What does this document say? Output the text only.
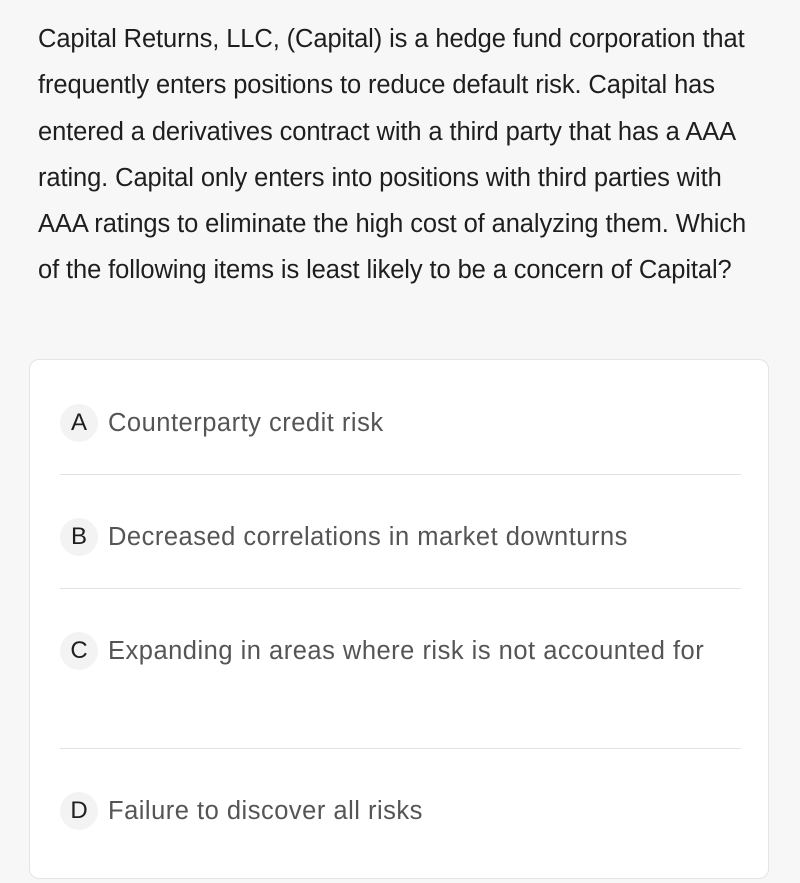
Capital Returns, LLC, (Capital) is a hedge fund corporation that frequently enters positions to reduce default risk. Capital has entered a derivatives contract with a third party that has a AAA rating. Capital only enters into positions with third parties with AAA ratings to eliminate the high cost of analyzing them. Which of the following items is least likely to be a concern of Capital?
A Counterparty credit risk
B Decreased correlations in market downturns
C Expanding in areas where risk is not accounted for
D Failure to discover all risks
